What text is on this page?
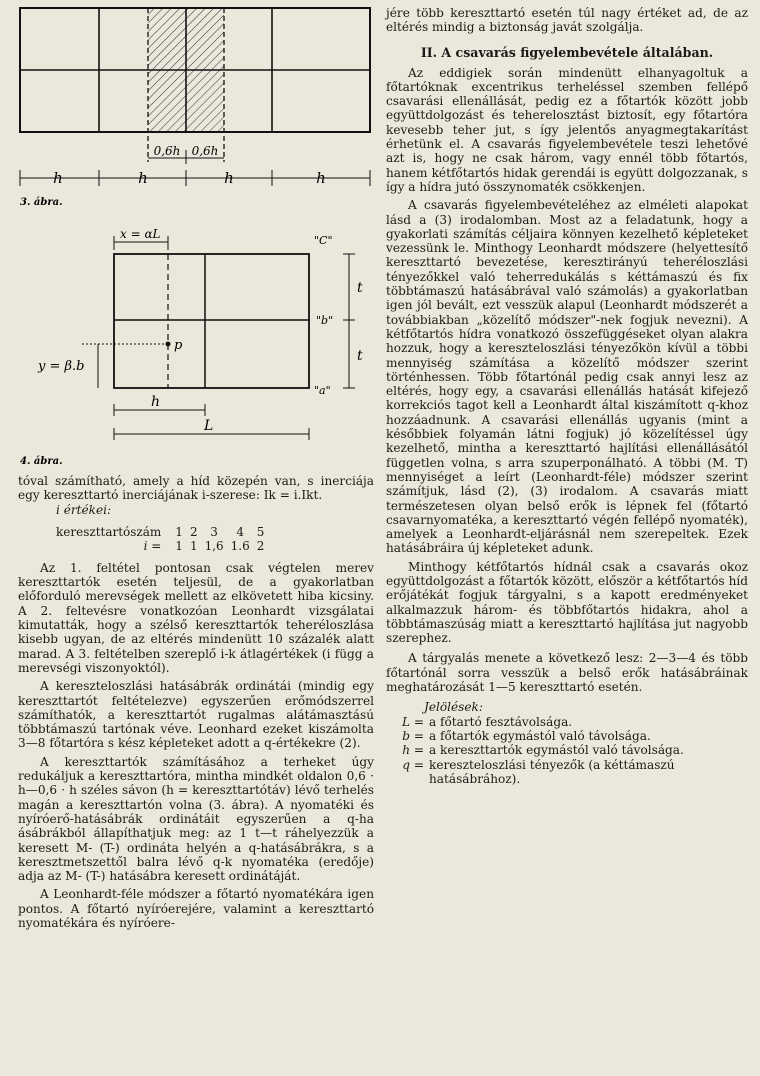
0,6h 0,6h
h	h	h	h
3. ábra.
x = αL
p
y = β.b
"C"
"b"
"a"
t
t
h
L
4. ábra.

tóval számítható, amely a híd közepén van, s inerciája egy kereszttartó inerciájának i-szerese: Ik = i.Ikt.

i értékei:

kereszttartószám	1	2	3	4	5
i =	1	1	1,6	1.6	2

Az 1. feltétel pontosan csak végtelen merev kereszttartók esetén teljesül, de a gyakorlatban előforduló merevségek mellett az elkövetett hiba kicsiny. A 2. feltevésre vonatkozóan Leonhardt vizsgálatai kimutatták, hogy a szélső kereszttartók teheréloszlása kisebb ugyan, de az eltérés mindenütt 10 százalék alatt marad. A 3. feltételben szereplő i-k átlagértékek (i függ a merevségi viszonyoktól).

A kereszteloszlási hatásábrák ordinátái (mindig egy kereszttartót feltételezve) egyszerűen erőmódszerrel számíthatók, a kereszttartót rugalmas alátámasztású többtámaszú tartónak véve. Leonhard ezeket kiszámolta 3—8 főtartóra s kész képleteket adott a q-értékekre (2).

A kereszttartók számításához a terheket úgy redukáljuk a kereszttartóra, mintha mindkét oldalon 0,6 · h—0,6 · h széles sávon (h = kereszttartótáv) lévő terhelés magán a kereszttartón volna (3. ábra). A nyomatéki és nyíróerő-hatásábrák ordinátáit egyszerűen a q-ha ásábrákból állapíthatjuk meg: az 1 t—t ráhelyezzük a keresett M- (T-) ordináta helyén a q-hatásábrákra, s a keresztmetszettől balra lévő q-k nyomatéka (eredője) adja az M- (T-) hatásábra keresett ordinátáját.

A Leonhardt-féle módszer a főtartó nyomatékára igen pontos. A főtartó nyíróerejére, valamint a kereszttartó nyomatékára és nyíróere-

jére több kereszttartó esetén túl nagy értéket ad, de az eltérés mindig a biztonság javát szolgálja.

II. A csavarás figyelembevétele általában.

Az eddigiek során mindenütt elhanyagoltuk a főtartóknak excentrikus terheléssel szemben fellépő csavarási ellenállását, pedig ez a főtartók között jobb együttdolgozást és teherelosztást biztosít, egy főtartóra kevesebb teher jut, s így jelentős anyagmegtakarítást érhetünk el. A csavarás figyelembevétele teszi lehetővé azt is, hogy ne csak három, vagy ennél több főtartós, hanem kétfőtartós hidak gerendái is együtt dolgozzanak, s így a hídra jutó összynomaték csökkenjen.

A csavarás figyelembevételéhez az elméleti alapokat lásd a (3) irodalomban. Most az a feladatunk, hogy a gyakorlati számítás céljaira könnyen kezelhető képleteket vezessünk le. Minthogy Leonhardt módszere (helyettesítő kereszttartó bevezetése, keresztirányú teheréloszlási tényezőkkel való teherredukálás s kéttámaszú és fix többtámaszú hatásábrával való számolás) a gyakorlatban igen jól bevált, ezt vesszük alapul (Leonhardt módszerét a továbbiakban „közelítő módszer"-nek fogjuk nevezni). A kétfőtartós hídra vonatkozó összefüggéseket olyan alakra hozzuk, hogy a kereszteloszlási tényezőkön kívül a többi mennyiség számítása a közelítő módszer szerint történhessen. Több főtartónál pedig csak annyi lesz az eltérés, hogy egy, a csavarási ellenállás hatását kifejező korrekciós tagot kell a Leonhardt által kiszámított q-khoz hozzáadnunk. A csavarási ellenállás ugyanis (mint a későbbiek folyamán látni fogjuk) jó közelítéssel úgy kezelhető, mintha a kereszttartó hajlítási ellenállásától független volna, s arra szuperponálható. A többi (M. T) mennyiséget a leírt (Leonhardt-féle) módszer szerint számítjuk, lásd (2), (3) irodalom. A csavarás miatt természetesen olyan belső erők is lépnek fel (főtartó csavarnyomatéka, a kereszttartó végén fellépő nyomaték), amelyek a Leonhardt-eljárásnál nem szerepeltek. Ezek hatásábráira új képleteket adunk.

Minthogy kétfőtartós hídnál csak a csavarás okoz együttdolgozást a főtartók között, először a kétfőtartós híd erőjátékát fogjuk tárgyalni, s a kapott eredményeket alkalmazzuk három- és többfőtartós hidakra, ahol a többtámaszúság miatt a kereszttartó hajlítása jut nagyobb szerephez.

A tárgyalás menete a következő lesz: 2—3—4 és több főtartónál sorra vesszük a belső erők hatásábráinak meghatározását 1—5 kereszttartó esetén.

Jelölések:

L = a főtartó fesztávolsága.
b = a főtartók egymástól való távolsága.
h = a kereszttartók egymástól való távolsága.
q = kereszteloszlási tényezők (a kéttámaszú hatásábrához).
